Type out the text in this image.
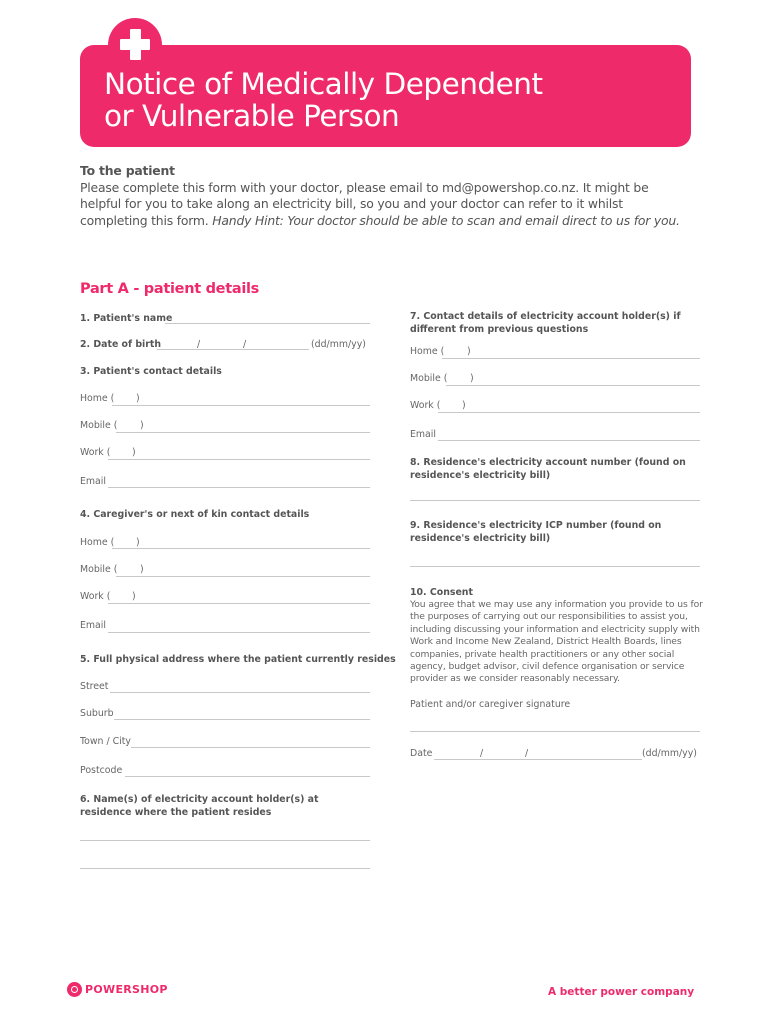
Notice of Medically Dependent
or Vulnerable Person
To the patient
Please complete this form with your doctor, please email to md@powershop.co.nz. It might be helpful for you to take along an electricity bill, so you and your doctor can refer to it whilst completing this form. Handy Hint: Your doctor should be able to scan and email direct to us for you.
Part A - patient details
1. Patient's name
2. Date of birth	/	/	(dd/mm/yy)
3. Patient's contact details
Home ( )
Mobile ( )
Work ( )
Email
4. Caregiver's or next of kin contact details
Home ( )
Mobile ( )
Work ( )
Email
5. Full physical address where the patient currently resides
Street
Suburb
Town / City
Postcode
6. Name(s) of electricity account holder(s) at residence where the patient resides
7. Contact details of electricity account holder(s) if different from previous questions
Home ( )
Mobile ( )
Work ( )
Email
8. Residence's electricity account number (found on residence's electricity bill)
9. Residence's electricity ICP number (found on residence's electricity bill)
10. Consent
You agree that we may use any information you provide to us for the purposes of carrying out our responsibilities to assist you, including discussing your information and electricity supply with Work and Income New Zealand, District Health Boards, lines companies, private health practitioners or any other social agency, budget advisor, civil defence organisation or service provider as we consider reasonably necessary.
Patient and/or caregiver signature
Date	/	/	(dd/mm/yy)
POWERSHOP	A better power company
